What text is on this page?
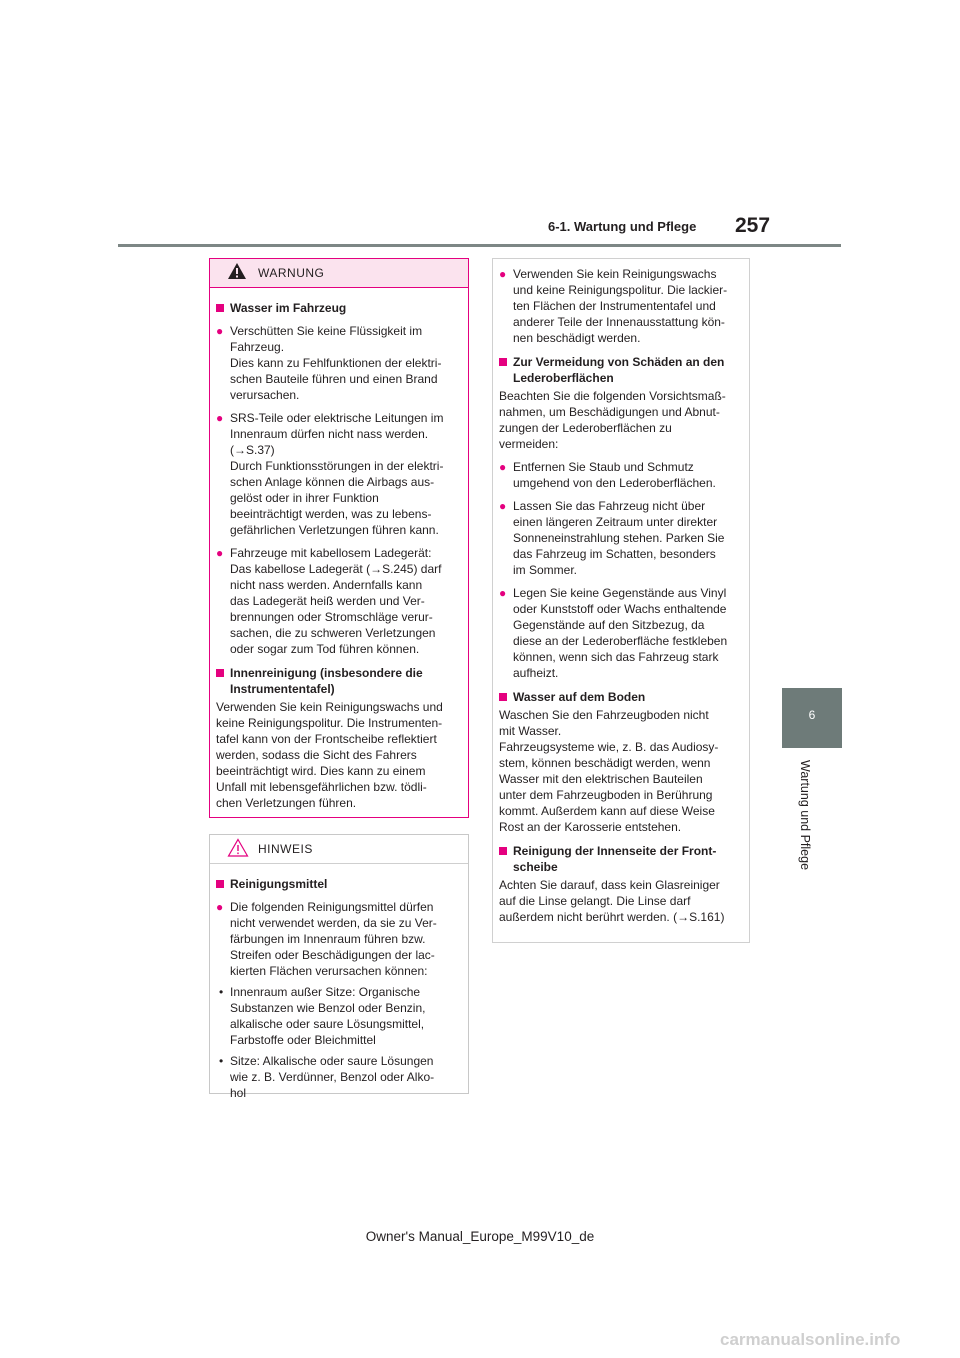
6-1. Wartung und Pflege 257
6
Wartung und Pflege
WARNUNG
Wasser im Fahrzeug
● Verschütten Sie keine Flüssigkeit im
Fahrzeug.
Dies kann zu Fehlfunktionen der elektri-
schen Bauteile führen und einen Brand
verursachen.
● SRS-Teile oder elektrische Leitungen im
Innenraum dürfen nicht nass werden.
(→S.37)
Durch Funktionsstörungen in der elektri-
schen Anlage können die Airbags aus-
gelöst oder in ihrer Funktion
beeinträchtigt werden, was zu lebens-
gefährlichen Verletzungen führen kann.
● Fahrzeuge mit kabellosem Ladegerät:
Das kabellose Ladegerät (→S.245) darf
nicht nass werden. Andernfalls kann
das Ladegerät heiß werden und Ver-
brennungen oder Stromschläge verur-
sachen, die zu schweren Verletzungen
oder sogar zum Tod führen können.
Innenreinigung (insbesondere die
Instrumententafel)
Verwenden Sie kein Reinigungswachs und
keine Reinigungspolitur. Die Instrumenten-
tafel kann von der Frontscheibe reflektiert
werden, sodass die Sicht des Fahrers
beeinträchtigt wird. Dies kann zu einem
Unfall mit lebensgefährlichen bzw. tödli-
chen Verletzungen führen.
HINWEIS
Reinigungsmittel
● Die folgenden Reinigungsmittel dürfen
nicht verwendet werden, da sie zu Ver-
färbungen im Innenraum führen bzw.
Streifen oder Beschädigungen der lac-
kierten Flächen verursachen können:
• Innenraum außer Sitze: Organische
Substanzen wie Benzol oder Benzin,
alkalische oder saure Lösungsmittel,
Farbstoffe oder Bleichmittel
• Sitze: Alkalische oder saure Lösungen
wie z. B. Verdünner, Benzol oder Alko-
hol
● Verwenden Sie kein Reinigungswachs
und keine Reinigungspolitur. Die lackier-
ten Flächen der Instrumententafel und
anderer Teile der Innenausstattung kön-
nen beschädigt werden.
Zur Vermeidung von Schäden an den
Lederoberflächen
Beachten Sie die folgenden Vorsichtsmaß-
nahmen, um Beschädigungen und Abnut-
zungen der Lederoberflächen zu
vermeiden:
● Entfernen Sie Staub und Schmutz
umgehend von den Lederoberflächen.
● Lassen Sie das Fahrzeug nicht über
einen längeren Zeitraum unter direkter
Sonneneinstrahlung stehen. Parken Sie
das Fahrzeug im Schatten, besonders
im Sommer.
● Legen Sie keine Gegenstände aus Vinyl
oder Kunststoff oder Wachs enthaltende
Gegenstände auf den Sitzbezug, da
diese an der Lederoberfläche festkleben
können, wenn sich das Fahrzeug stark
aufheizt.
Wasser auf dem Boden
Waschen Sie den Fahrzeugboden nicht
mit Wasser.
Fahrzeugsysteme wie, z. B. das Audiosy-
stem, können beschädigt werden, wenn
Wasser mit den elektrischen Bauteilen
unter dem Fahrzeugboden in Berührung
kommt. Außerdem kann auf diese Weise
Rost an der Karosserie entstehen.
Reinigung der Innenseite der Front-
scheibe
Achten Sie darauf, dass kein Glasreiniger
auf die Linse gelangt. Die Linse darf
außerdem nicht berührt werden. (→S.161)
Owner's Manual_Europe_M99V10_de
carmanualsonline.info
